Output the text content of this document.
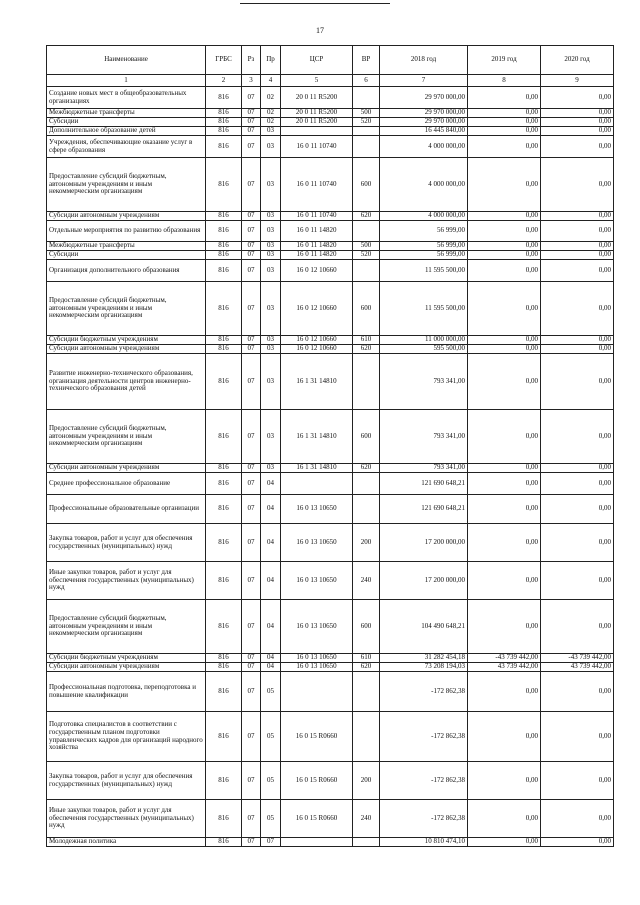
17
Наименование	ГРБС	Рз	Пр	ЦСР	ВР	2018 год	2019 год	2020 год
1	2	3	4	5	6	7	8	9
Создание новых мест в общеобразовательных организациях	816	07	02	20 0 11 R5200		29 970 000,00	0,00	0,00
Межбюджетные трансферты	816	07	02	20 0 11 R5200	500	29 970 000,00	0,00	0,00
Субсидии	816	07	02	20 0 11 R5200	520	29 970 000,00	0,00	0,00
Дополнительное образование детей	816	07	03			16 445 840,00	0,00	0,00
Учреждения, обеспечивающие оказание услуг в сфере образования	816	07	03	16 0 11 10740		4 000 000,00	0,00	0,00
Предоставление субсидий бюджетным, автономным учреждениям и иным некоммерческим организациям	816	07	03	16 0 11 10740	600	4 000 000,00	0,00	0,00
Субсидии автономным учреждениям	816	07	03	16 0 11 10740	620	4 000 000,00	0,00	0,00
Отдельные мероприятия по развитию образования	816	07	03	16 0 11 14820		56 999,00	0,00	0,00
Межбюджетные трансферты	816	07	03	16 0 11 14820	500	56 999,00	0,00	0,00
Субсидии	816	07	03	16 0 11 14820	520	56 999,00	0,00	0,00
Организация дополнительного образования	816	07	03	16 0 12 10660		11 595 500,00	0,00	0,00
Предоставление субсидий бюджетным, автономным учреждениям и иным некоммерческим организациям	816	07	03	16 0 12 10660	600	11 595 500,00	0,00	0,00
Субсидии бюджетным учреждениям	816	07	03	16 0 12 10660	610	11 000 000,00	0,00	0,00
Субсидии автономным учреждениям	816	07	03	16 0 12 10660	620	595 500,00	0,00	0,00
Развитие инженерно-технического образования, организация деятельности центров инженерно-технического образования детей	816	07	03	16 1 31 14810		793 341,00	0,00	0,00
Предоставление субсидий бюджетным, автономным учреждениям и иным некоммерческим организациям	816	07	03	16 1 31 14810	600	793 341,00	0,00	0,00
Субсидии автономным учреждениям	816	07	03	16 1 31 14810	620	793 341,00	0,00	0,00
Среднее профессиональное образование	816	07	04			121 690 648,21	0,00	0,00
Профессиональные образовательные организации	816	07	04	16 0 13 10650		121 690 648,21	0,00	0,00
Закупка товаров, работ и услуг для обеспечения государственных (муниципальных) нужд	816	07	04	16 0 13 10650	200	17 200 000,00	0,00	0,00
Иные закупки товаров, работ и услуг для обеспечения государственных (муниципальных) нужд	816	07	04	16 0 13 10650	240	17 200 000,00	0,00	0,00
Предоставление субсидий бюджетным, автономным учреждениям и иным некоммерческим организациям	816	07	04	16 0 13 10650	600	104 490 648,21	0,00	0,00
Субсидии бюджетным учреждениям	816	07	04	16 0 13 10650	610	31 282 454,18	-43 739 442,00	-43 739 442,00
Субсидии автономным учреждениям	816	07	04	16 0 13 10650	620	73 208 194,03	43 739 442,00	43 739 442,00
Профессиональная подготовка, переподготовка и повышение квалификации	816	07	05			-172 862,38	0,00	0,00
Подготовка специалистов в соответствии с государственным планом подготовки управленческих кадров для организаций народного хозяйства	816	07	05	16 0 15 R0660		-172 862,38	0,00	0,00
Закупка товаров, работ и услуг для обеспечения государственных (муниципальных) нужд	816	07	05	16 0 15 R0660	200	-172 862,38	0,00	0,00
Иные закупки товаров, работ и услуг для обеспечения государственных (муниципальных) нужд	816	07	05	16 0 15 R0660	240	-172 862,38	0,00	0,00
Молодежная политика	816	07	07			10 810 474,10	0,00	0,00
